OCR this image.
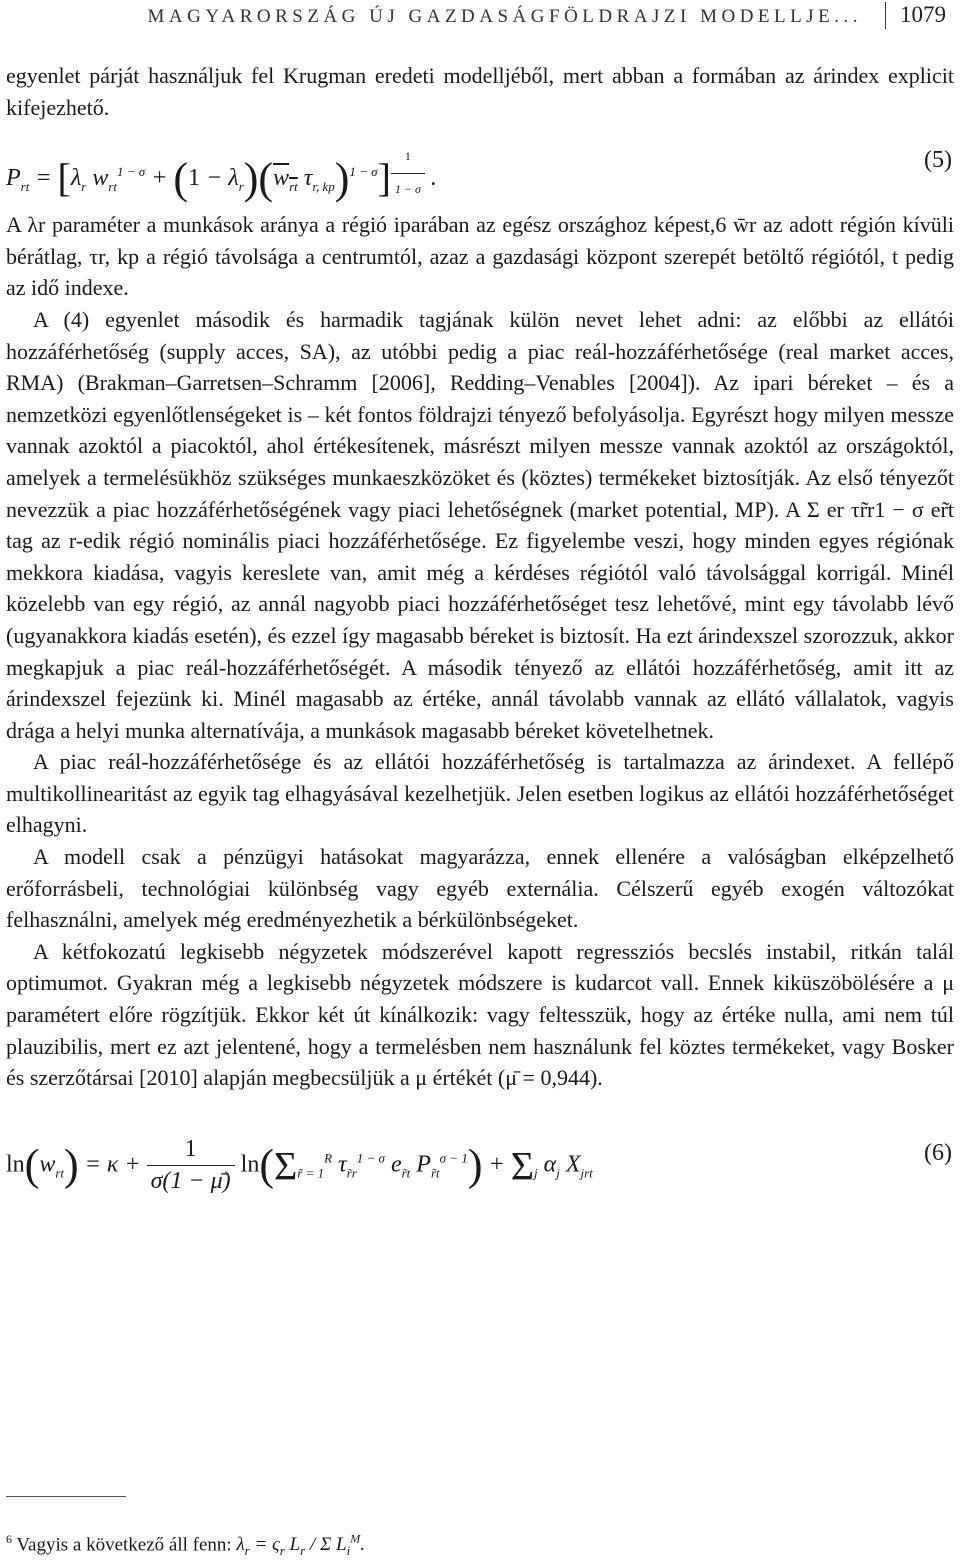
MAGYARORSZÁG ÚJ GAZDASÁGFÖLDRAJZI MODELLJE... 1079

egyenlet párját használjuk fel Krugman eredeti modelljéből, mert abban a formában az árindex explicit kifejezhető.

$P_{rt} = [\lambda_r$ $w_{rt}^{1 - \sigma} + (1 - \lambda_r)(w_{rt}$ $\tau_{r, kp})^{1 - \sigma}$] $^{\frac{1}{1 - \sigma}}$ .
(5)

A λr paraméter a munkások aránya a régió iparában az egész országhoz képest,6 w̄r az adott régión kívüli bérátlag, τr, kp a régió távolsága a centrumtól, azaz a gazdasági központ szerepét betöltő régiótól, t pedig az idő indexe.

A (4) egyenlet második és harmadik tagjának külön nevet lehet adni: az előbbi az ellátói hozzáférhetőség (supply acces, SA), az utóbbi pedig a piac reál-hozzáférhetősége (real market acces, RMA) (Brakman–Garretsen–Schramm [2006], Redding–Venables [2004]). Az ipari béreket – és a nemzetközi egyenlőtlenségeket is – két fontos földrajzi tényező befolyásolja. Egyrészt hogy milyen messze vannak azoktól a piacoktól, ahol értékesítenek, másrészt milyen messze vannak azoktól az országoktól, amelyek a termelésükhöz szükséges munkaeszközöket és (köztes) termékeket biztosítják. Az első tényezőt nevezzük a piac hozzáférhetőségének vagy piaci lehetőségnek (market potential, MP). A Σ er τr̃r1 − σ er̃t tag az r-edik régió nominális piaci hozzáférhetősége. Ez figyelembe veszi, hogy minden egyes régiónak mekkora kiadása, vagyis kereslete van, amit még a kérdéses régiótól való távolsággal korrigál. Minél közelebb van egy régió, az annál nagyobb piaci hozzáférhetőséget tesz lehetővé, mint egy távolabb lévő (ugyanakkora kiadás esetén), és ezzel így magasabb béreket is biztosít. Ha ezt árindexszel szorozzuk, akkor megkapjuk a piac reál-hozzáférhetőségét. A második tényező az ellátói hozzáférhetőség, amit itt az árindexszel fejezünk ki. Minél magasabb az értéke, annál távolabb vannak az ellátó vállalatok, vagyis drága a helyi munka alternatívája, a munkások magasabb béreket követelhetnek.

A piac reál-hozzáférhetősége és az ellátói hozzáférhetőség is tartalmazza az árindexet. A fellépő multikollinearitást az egyik tag elhagyásával kezelhetjük. Jelen esetben logikus az ellátói hozzáférhetőséget elhagyni.

A modell csak a pénzügyi hatásokat magyarázza, ennek ellenére a valóságban elképzelhető erőforrásbeli, technológiai különbség vagy egyéb externália. Célszerű egyéb exogén változókat felhasználni, amelyek még eredményezhetik a bérkülönbségeket.

A kétfokozatú legkisebb négyzetek módszerével kapott regressziós becslés instabil, ritkán talál optimumot. Gyakran még a legkisebb négyzetek módszere is kudarcot vall. Ennek kiküszöbölésére a μ paramétert előre rögzítjük. Ekkor két út kínálkozik: vagy feltesszük, hogy az értéke nulla, ami nem túl plauzibilis, mert ez azt jelentené, hogy a termelésben nem használunk fel köztes termékeket, vagy Bosker és szerzőtársai [2010] alapján megbecsüljük a μ értékét (μ̄ = 0,944).

$\ln(w_{rt}) = \kappa + \frac{1}{\sigma(1 - \mū)} \ln(\Sigma_{r̃ = 1}^R$ $\tau_{r̃r}^{1 - \sigma}$ $e_{r̃t}$ $P_{r̃t}^{\sigma - 1}) + \Sigma_j$ $\alpha_j$ $X_{jrt}$
(6)
$^6$ Vagyis a következő áll fenn: $\lambda_r = \varsigma_r$ $L_r$ / Σ $L_i^M$.
